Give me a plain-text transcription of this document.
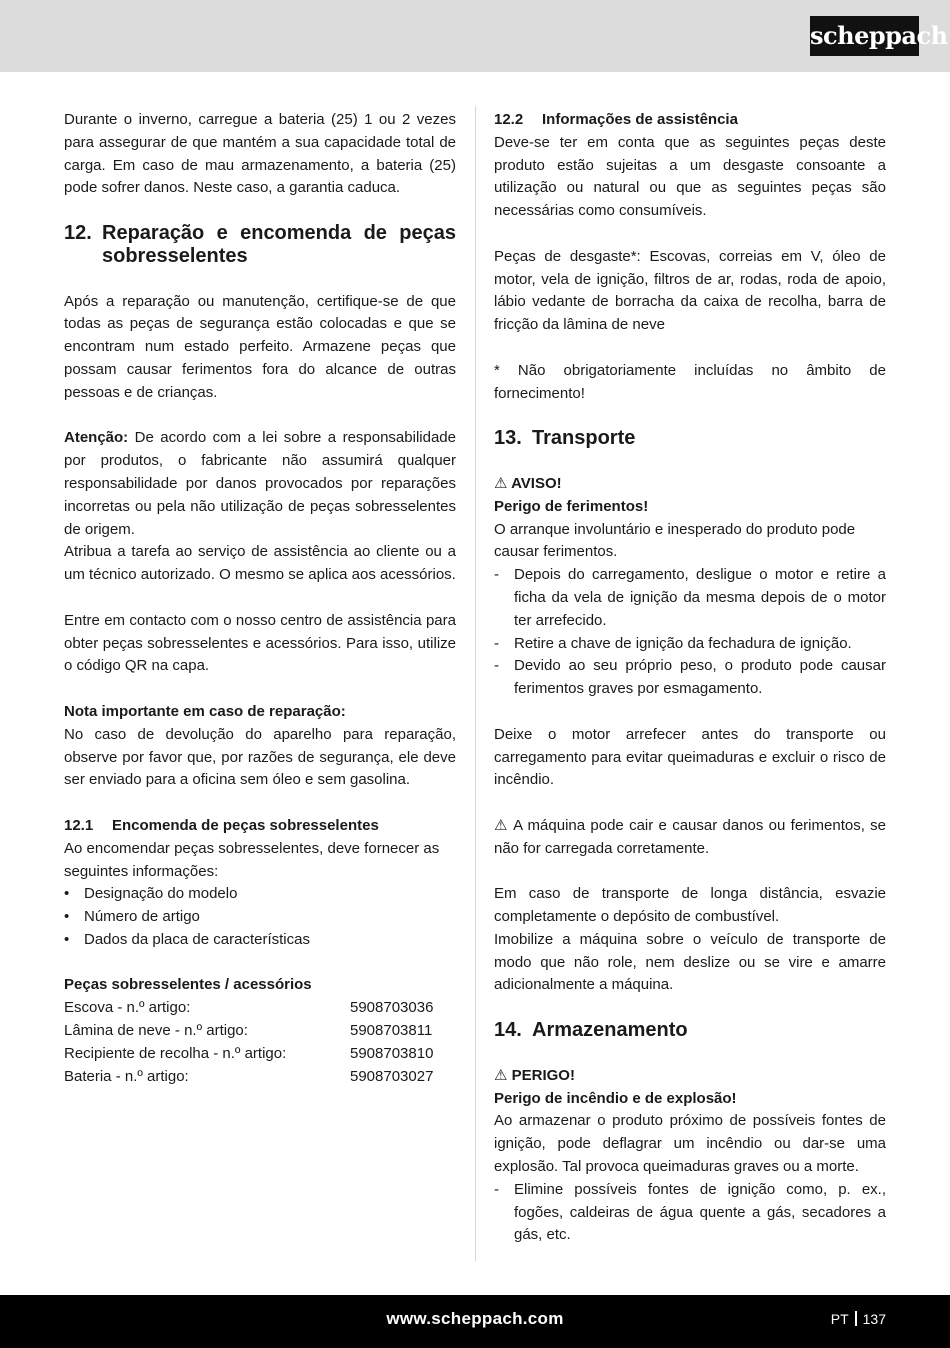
scheppach

Durante o inverno, carregue a bateria (25) 1 ou 2 vezes para assegurar de que mantém a sua capacidade total de carga. Em caso de mau armazenamento, a bateria (25) pode sofrer danos. Neste caso, a garantia caduca.

12. Reparação e encomenda de peças sobresselentes

Após a reparação ou manutenção, certifique-se de que todas as peças de segurança estão colocadas e que se encontram num estado perfeito. Armazene peças que possam causar ferimentos fora do alcance de outras pessoas e de crianças.

Atenção: De acordo com a lei sobre a responsabilidade por produtos, o fabricante não assumirá qualquer responsabilidade por danos provocados por reparações incorretas ou pela não utilização de peças sobresselentes de origem.

Atribua a tarefa ao serviço de assistência ao cliente ou a um técnico autorizado. O mesmo se aplica aos acessórios.

Entre em contacto com o nosso centro de assistência para obter peças sobresselentes e acessórios. Para isso, utilize o código QR na capa.

Nota importante em caso de reparação:

No caso de devolução do aparelho para reparação, observe por favor que, por razões de segurança, ele deve ser enviado para a oficina sem óleo e sem gasolina.

12.1 Encomenda de peças sobresselentes

Ao encomendar peças sobresselentes, deve fornecer as seguintes informações:

• Designação do modelo
• Número de artigo
• Dados da placa de características

Peças sobresselentes / acessórios

Escova - n.º artigo:	5908703036
Lâmina de neve - n.º artigo:	5908703811
Recipiente de recolha - n.º artigo:	5908703810
Bateria - n.º artigo:	5908703027

12.2 Informações de assistência

Deve-se ter em conta que as seguintes peças deste produto estão sujeitas a um desgaste consoante a utilização ou natural ou que as seguintes peças são necessárias como consumíveis.

Peças de desgaste*: Escovas, correias em V, óleo de motor, vela de ignição, filtros de ar, rodas, roda de apoio, lábio vedante de borracha da caixa de recolha, barra de fricção da lâmina de neve

* Não obrigatoriamente incluídas no âmbito de fornecimento!

13. Transporte

⚠ AVISO!

Perigo de ferimentos!

O arranque involuntário e inesperado do produto pode causar ferimentos.

- Depois do carregamento, desligue o motor e retire a ficha da vela de ignição da mesma depois de o motor ter arrefecido.
- Retire a chave de ignição da fechadura de ignição.
- Devido ao seu próprio peso, o produto pode causar ferimentos graves por esmagamento.

Deixe o motor arrefecer antes do transporte ou carregamento para evitar queimaduras e excluir o risco de incêndio.

⚠ A máquina pode cair e causar danos ou ferimentos, se não for carregada corretamente.

Em caso de transporte de longa distância, esvazie completamente o depósito de combustível.

Imobilize a máquina sobre o veículo de transporte de modo que não role, nem deslize ou se vire e amarre adicionalmente a máquina.

14. Armazenamento

⚠ PERIGO!

Perigo de incêndio e de explosão!

Ao armazenar o produto próximo de possíveis fontes de ignição, pode deflagrar um incêndio ou dar-se uma explosão. Tal provoca queimaduras graves ou a morte.

- Elimine possíveis fontes de ignição como, p. ex., fogões, caldeiras de água quente a gás, secadores a gás, etc.
www.scheppach.com	PT 137
